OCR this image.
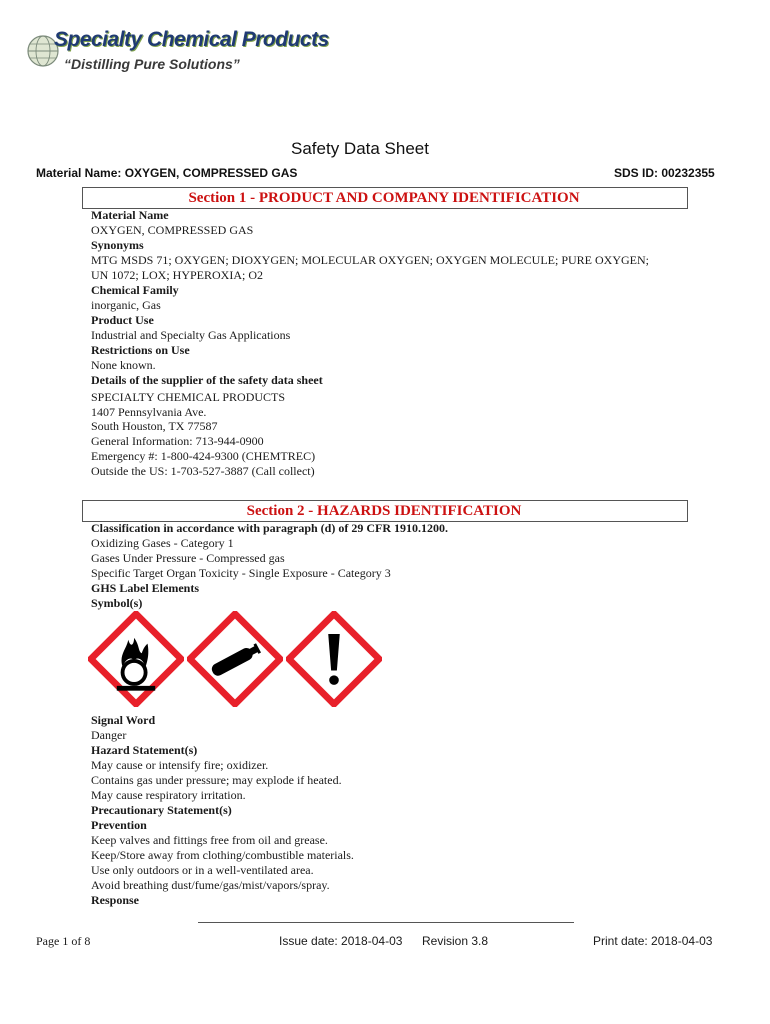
Specialty Chemical Products
“Distilling Pure Solutions”
Safety Data Sheet
Material Name: OXYGEN, COMPRESSED GAS	SDS ID: 00232355
Section 1 - PRODUCT AND COMPANY IDENTIFICATION
Material Name
OXYGEN, COMPRESSED GAS
Synonyms
MTG MSDS 71; OXYGEN; DIOXYGEN; MOLECULAR OXYGEN; OXYGEN MOLECULE; PURE OXYGEN;
UN 1072; LOX; HYPEROXIA; O2
Chemical Family
inorganic, Gas
Product Use
Industrial and Specialty Gas Applications
Restrictions on Use
None known.
Details of the supplier of the safety data sheet
SPECIALTY CHEMICAL PRODUCTS
1407 Pennsylvania Ave.
South Houston, TX 77587
General Information: 713-944-0900
Emergency #: 1-800-424-9300 (CHEMTREC)
Outside the US: 1-703-527-3887 (Call collect)
Section 2 - HAZARDS IDENTIFICATION
Classification in accordance with paragraph (d) of 29 CFR 1910.1200.
Oxidizing Gases - Category 1
Gases Under Pressure - Compressed gas
Specific Target Organ Toxicity - Single Exposure - Category 3
GHS Label Elements
Symbol(s)
Signal Word
Danger
Hazard Statement(s)
May cause or intensify fire; oxidizer.
Contains gas under pressure; may explode if heated.
May cause respiratory irritation.
Precautionary Statement(s)
Prevention
Keep valves and fittings free from oil and grease.
Keep/Store away from clothing/combustible materials.
Use only outdoors or in a well-ventilated area.
Avoid breathing dust/fume/gas/mist/vapors/spray.
Response
Page 1 of 8	Issue date: 2018-04-03 Revision 3.8	Print date: 2018-04-03
